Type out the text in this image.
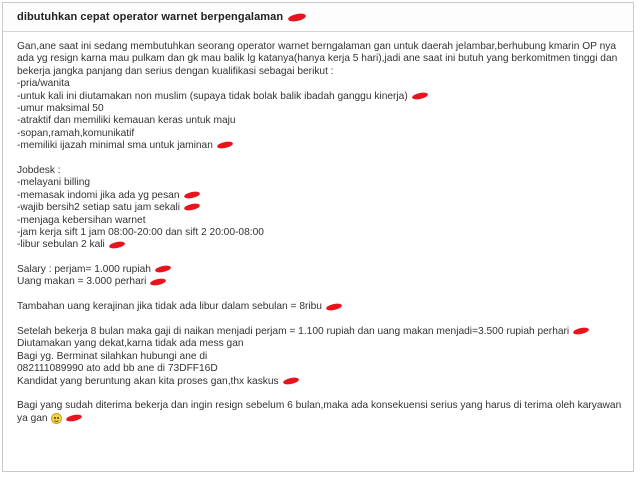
dibutuhkan cepat operator warnet berpengalaman
Gan,ane saat ini sedang membutuhkan seorang operator warnet berngalaman gan untuk daerah jelambar,berhubung kmarin OP nya ada yg resign karna mau pulkam dan gk mau balik lg katanya(hanya kerja 5 hari),jadi ane saat ini butuh yang berkomitmen tinggi dan bekerja jangka panjang dan serius dengan kualifikasi sebagai berikut :
-pria/wanita
-untuk kali ini diutamakan non muslim (supaya tidak bolak balik ibadah ganggu kinerja)
-umur maksimal 50
-atraktif dan memiliki kemauan keras untuk maju
-sopan,ramah,komunikatif
-memiliki ijazah minimal sma untuk jaminan
Jobdesk :
-melayani billing
-memasak indomi jika ada yg pesan
-wajib bersih2 setiap satu jam sekali
-menjaga kebersihan warnet
-jam kerja sift 1 jam 08:00-20:00 dan sift 2 20:00-08:00
-libur sebulan 2 kali
Salary : perjam= 1.000 rupiah
Uang makan = 3.000 perhari
Tambahan uang kerajinan jika tidak ada libur dalam sebulan = 8ribu
Setelah bekerja 8 bulan maka gaji di naikan menjadi perjam = 1.100 rupiah dan uang makan menjadi=3.500 rupiah perhari
Diutamakan yang dekat,karna tidak ada mess gan
Bagi yg. Berminat silahkan hubungi ane di
082111089990 ato add bb ane di 73DFF16D
Kandidat yang beruntung akan kita proses gan,thx kaskus
Bagi yang sudah diterima bekerja dan ingin resign sebelum 6 bulan,maka ada konsekuensi serius yang harus di terima oleh karyawan ya gan
